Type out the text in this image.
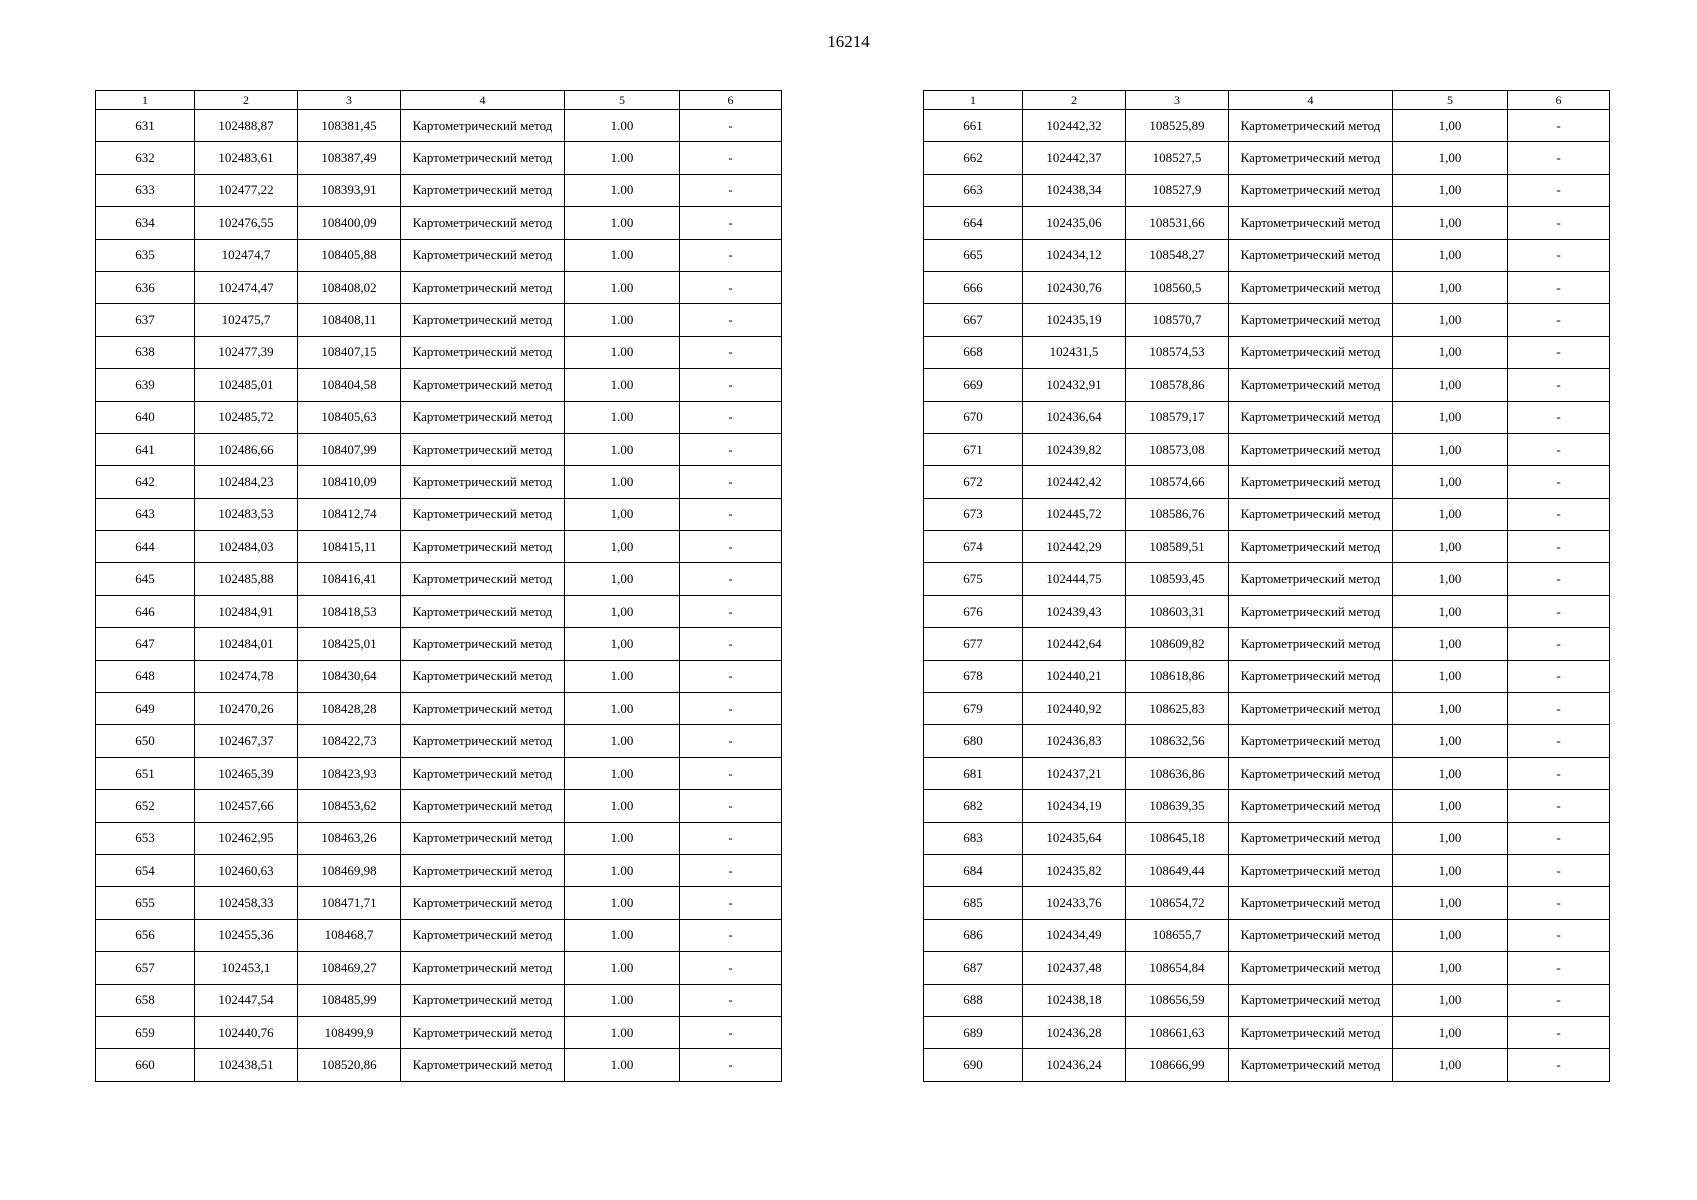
16214
1	2	3	4	5	6
631	102488,87	108381,45	Картометрический метод	1.00	-
632	102483,61	108387,49	Картометрический метод	1.00	-
633	102477,22	108393,91	Картометрический метод	1.00	-
634	102476,55	108400,09	Картометрический метод	1.00	-
635	102474,7	108405,88	Картометрический метод	1.00	-
636	102474,47	108408,02	Картометрический метод	1.00	-
637	102475,7	108408,11	Картометрический метод	1.00	-
638	102477,39	108407,15	Картометрический метод	1.00	-
639	102485,01	108404,58	Картометрический метод	1.00	-
640	102485,72	108405,63	Картометрический метод	1.00	-
641	102486,66	108407,99	Картометрический метод	1.00	-
642	102484,23	108410,09	Картометрический метод	1.00	-
643	102483,53	108412,74	Картометрический метод	1,00	-
644	102484,03	108415,11	Картометрический метод	1,00	-
645	102485,88	108416,41	Картометрический метод	1,00	-
646	102484,91	108418,53	Картометрический метод	1,00	-
647	102484,01	108425,01	Картометрический метод	1,00	-
648	102474,78	108430,64	Картометрический метод	1.00	-
649	102470,26	108428,28	Картометрический метод	1.00	-
650	102467,37	108422,73	Картометрический метод	1.00	-
651	102465,39	108423,93	Картометрический метод	1.00	-
652	102457,66	108453,62	Картометрический метод	1.00	-
653	102462,95	108463,26	Картометрический метод	1.00	-
654	102460,63	108469,98	Картометрический метод	1.00	-
655	102458,33	108471,71	Картометрический метод	1.00	-
656	102455,36	108468,7	Картометрический метод	1.00	-
657	102453,1	108469,27	Картометрический метод	1.00	-
658	102447,54	108485,99	Картометрический метод	1.00	-
659	102440,76	108499,9	Картометрический метод	1.00	-
660	102438,51	108520,86	Картометрический метод	1.00	-
1	2	3	4	5	6
661	102442,32	108525,89	Картометрический метод	1,00	-
662	102442,37	108527,5	Картометрический метод	1,00	-
663	102438,34	108527,9	Картометрический метод	1,00	-
664	102435,06	108531,66	Картометрический метод	1,00	-
665	102434,12	108548,27	Картометрический метод	1,00	-
666	102430,76	108560,5	Картометрический метод	1,00	-
667	102435,19	108570,7	Картометрический метод	1,00	-
668	102431,5	108574,53	Картометрический метод	1,00	-
669	102432,91	108578,86	Картометрический метод	1,00	-
670	102436,64	108579,17	Картометрический метод	1,00	-
671	102439,82	108573,08	Картометрический метод	1,00	-
672	102442,42	108574,66	Картометрический метод	1,00	-
673	102445,72	108586,76	Картометрический метод	1,00	-
674	102442,29	108589,51	Картометрический метод	1,00	-
675	102444,75	108593,45	Картометрический метод	1,00	-
676	102439,43	108603,31	Картометрический метод	1,00	-
677	102442,64	108609,82	Картометрический метод	1,00	-
678	102440,21	108618,86	Картометрический метод	1,00	-
679	102440,92	108625,83	Картометрический метод	1,00	-
680	102436,83	108632,56	Картометрический метод	1,00	-
681	102437,21	108636,86	Картометрический метод	1,00	-
682	102434,19	108639,35	Картометрический метод	1,00	-
683	102435,64	108645,18	Картометрический метод	1,00	-
684	102435,82	108649,44	Картометрический метод	1,00	-
685	102433,76	108654,72	Картометрический метод	1,00	-
686	102434,49	108655,7	Картометрический метод	1,00	-
687	102437,48	108654,84	Картометрический метод	1,00	-
688	102438,18	108656,59	Картометрический метод	1,00	-
689	102436,28	108661,63	Картометрический метод	1,00	-
690	102436,24	108666,99	Картометрический метод	1,00	-
